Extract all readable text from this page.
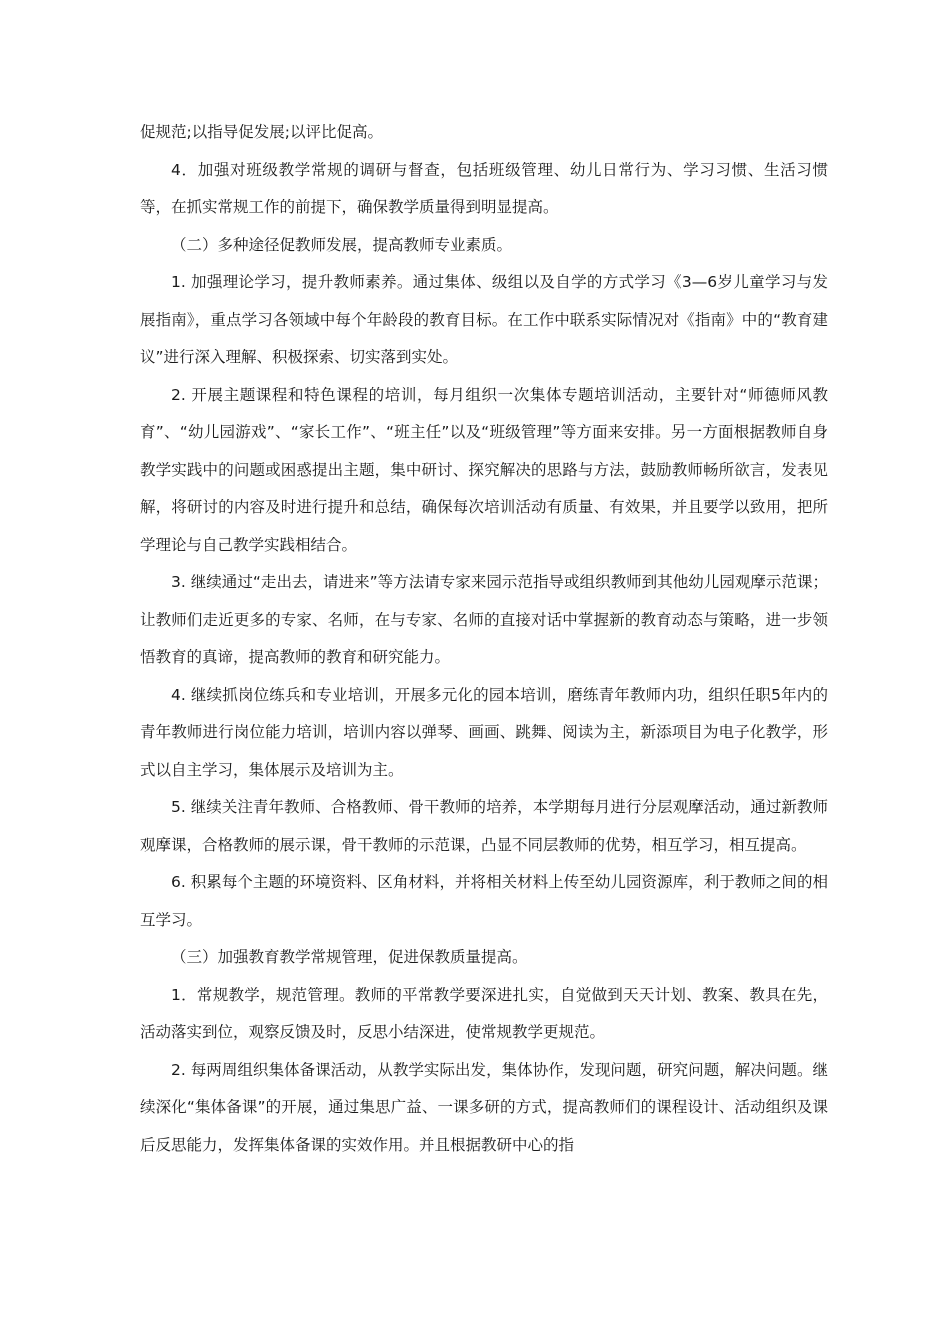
促规范;以指导促发展;以评比促高。

4．加强对班级教学常规的调研与督查，包括班级管理、幼儿日常行为、学习习惯、生活习惯等，在抓实常规工作的前提下，确保教学质量得到明显提高。

（二）多种途径促教师发展，提高教师专业素质。

1. 加强理论学习，提升教师素养。通过集体、级组以及自学的方式学习《3—6岁儿童学习与发展指南》，重点学习各领域中每个年龄段的教育目标。在工作中联系实际情况对《指南》中的“教育建议”进行深入理解、积极探索、切实落到实处。

2. 开展主题课程和特色课程的培训，每月组织一次集体专题培训活动，主要针对“师德师风教育”、“幼儿园游戏”、“家长工作”、“班主任”以及“班级管理”等方面来安排。另一方面根据教师自身教学实践中的问题或困惑提出主题，集中研讨、探究解决的思路与方法，鼓励教师畅所欲言，发表见解，将研讨的内容及时进行提升和总结，确保每次培训活动有质量、有效果，并且要学以致用，把所学理论与自己教学实践相结合。

3. 继续通过“走出去，请进来”等方法请专家来园示范指导或组织教师到其他幼儿园观摩示范课；让教师们走近更多的专家、名师，在与专家、名师的直接对话中掌握新的教育动态与策略，进一步领悟教育的真谛，提高教师的教育和研究能力。

4. 继续抓岗位练兵和专业培训，开展多元化的园本培训，磨练青年教师内功，组织任职5年内的青年教师进行岗位能力培训，培训内容以弹琴、画画、跳舞、阅读为主，新添项目为电子化教学，形式以自主学习，集体展示及培训为主。

5. 继续关注青年教师、合格教师、骨干教师的培养，本学期每月进行分层观摩活动，通过新教师观摩课，合格教师的展示课，骨干教师的示范课，凸显不同层教师的优势，相互学习，相互提高。

6. 积累每个主题的环境资料、区角材料，并将相关材料上传至幼儿园资源库，利于教师之间的相互学习。

（三）加强教育教学常规管理，促进保教质量提高。

1．常规教学，规范管理。教师的平常教学要深进扎实，自觉做到天天计划、教案、教具在先，活动落实到位，观察反馈及时，反思小结深进，使常规教学更规范。

2. 每两周组织集体备课活动，从教学实际出发，集体协作，发现问题，研究问题，解决问题。继续深化“集体备课”的开展，通过集思广益、一课多研的方式，提高教师们的课程设计、活动组织及课后反思能力，发挥集体备课的实效作用。并且根据教研中心的指
